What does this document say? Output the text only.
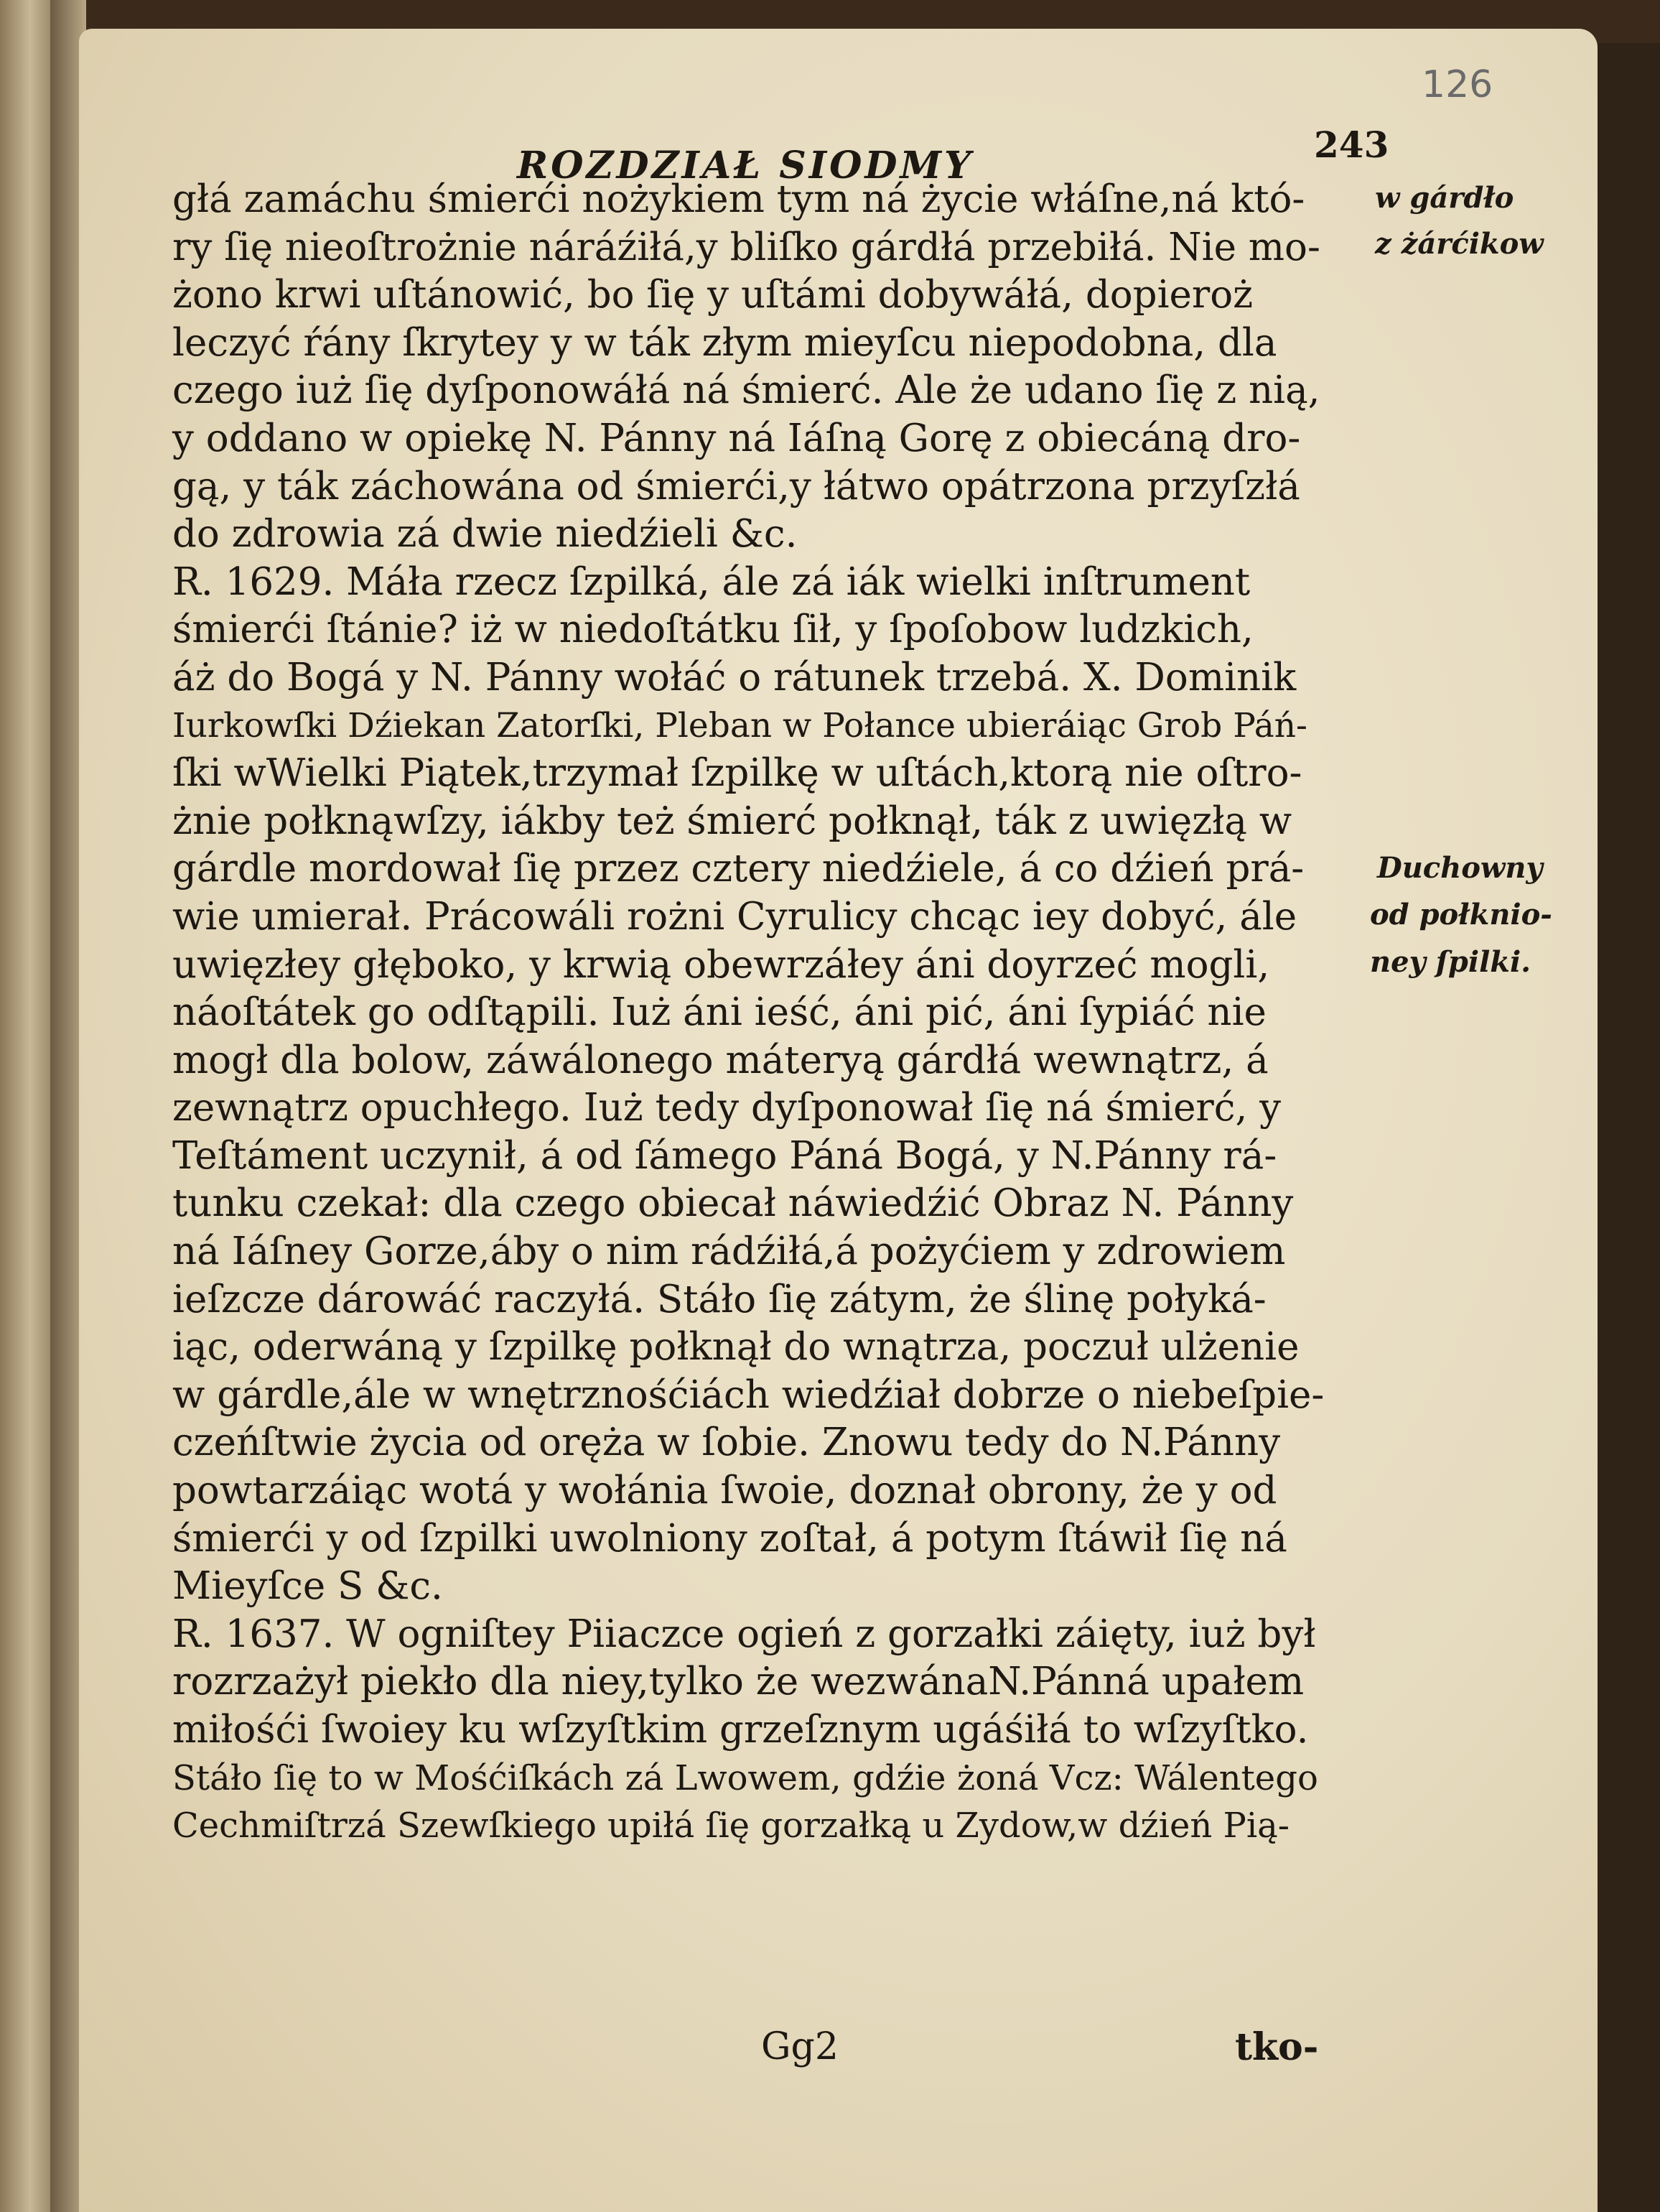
126
ROZDZIAŁ SIODMY	243
w gárdło
z żárćikow
Duchowny
od połknio-
ney ſpilki.
głá zamáchu śmierći nożykiem tym ná życie włáſne,ná któ-
ry ſię nieoſtrożnie náráźiłá,y bliſko gárdłá przebiłá. Nie mo-
żono krwi uſtánowić, bo ſię y uſtámi dobywáłá, dopieroż
leczyć ŕány ſkrytey y w ták złym mieyſcu niepodobna, dla
czego iuż ſię dyſponowáłá ná śmierć. Ale że udano ſię z nią,
y oddano w opiekę N. Pánny ná Iáſną Gorę z obiecáną dro-
gą, y ták záchowána od śmierći,y łátwo opátrzona przyſzłá
do zdrowia zá dwie niedźieli &c.
R. 1629. Máła rzecz ſzpilká, ále zá iák wielki inſtrument
śmierći ſtánie? iż w niedoſtátku ſił, y ſpoſobow ludzkich,
áż do Bogá y N. Pánny wołáć o rátunek trzebá. X. Dominik
Iurkowſki Dźiekan Zatorſki, Pleban w Połance ubieráiąc Grob Páń-
ſki wWielki Piątek,trzymał ſzpilkę w uſtách,ktorą nie oſtro-
żnie połknąwſzy, iákby też śmierć połknął, ták z uwięzłą w
gárdle mordował ſię przez cztery niedźiele, á co dźień prá-
wie umierał. Prácowáli rożni Cyrulicy chcąc iey dobyć, ále
uwięzłey głęboko, y krwią obewrzáłey áni doyrzeć mogli,
náoſtátek go odſtąpili. Iuż áni ieść, áni pić, áni ſypiáć nie
mogł dla bolow, záwálonego máteryą gárdłá wewnątrz, á
zewnątrz opuchłego. Iuż tedy dyſponował ſię ná śmierć, y
Teſtáment uczynił, á od ſámego Páná Bogá, y N.Pánny rá-
tunku czekał: dla czego obiecał náwiedźić Obraz N. Pánny
ná Iáſney Gorze,áby o nim rádźiłá,á pożyćiem y zdrowiem
ieſzcze dárowáć raczyłá. Stáło ſię zátym, że ślinę połyká-
iąc, oderwáną y ſzpilkę połknął do wnątrza, poczuł ulżenie
w gárdle,ále w wnętrznośćiách wiedźiał dobrze o niebeſpie-
czeńſtwie życia od oręża w ſobie. Znowu tedy do N.Pánny
powtarzáiąc wotá y wołánia ſwoie, doznał obrony, że y od
śmierći y od ſzpilki uwolniony zoſtał, á potym ſtáwił ſię ná
Mieyſce S &c.
R. 1637. W ogniſtey Piiaczce ogień z gorzałki záięty, iuż był
rozrzażył piekło dla niey,tylko że wezwánaN.Pánná upałem
miłośći ſwoiey ku wſzyſtkim grzeſznym ugáśiłá to wſzyſtko.
Stáło ſię to w Mośćiſkách zá Lwowem, gdźie żoná Vcz: Wálentego
Cechmiſtrzá Szewſkiego upiłá ſię gorzałką u Zydow,w dźień Pią-
Gg2	tko-
